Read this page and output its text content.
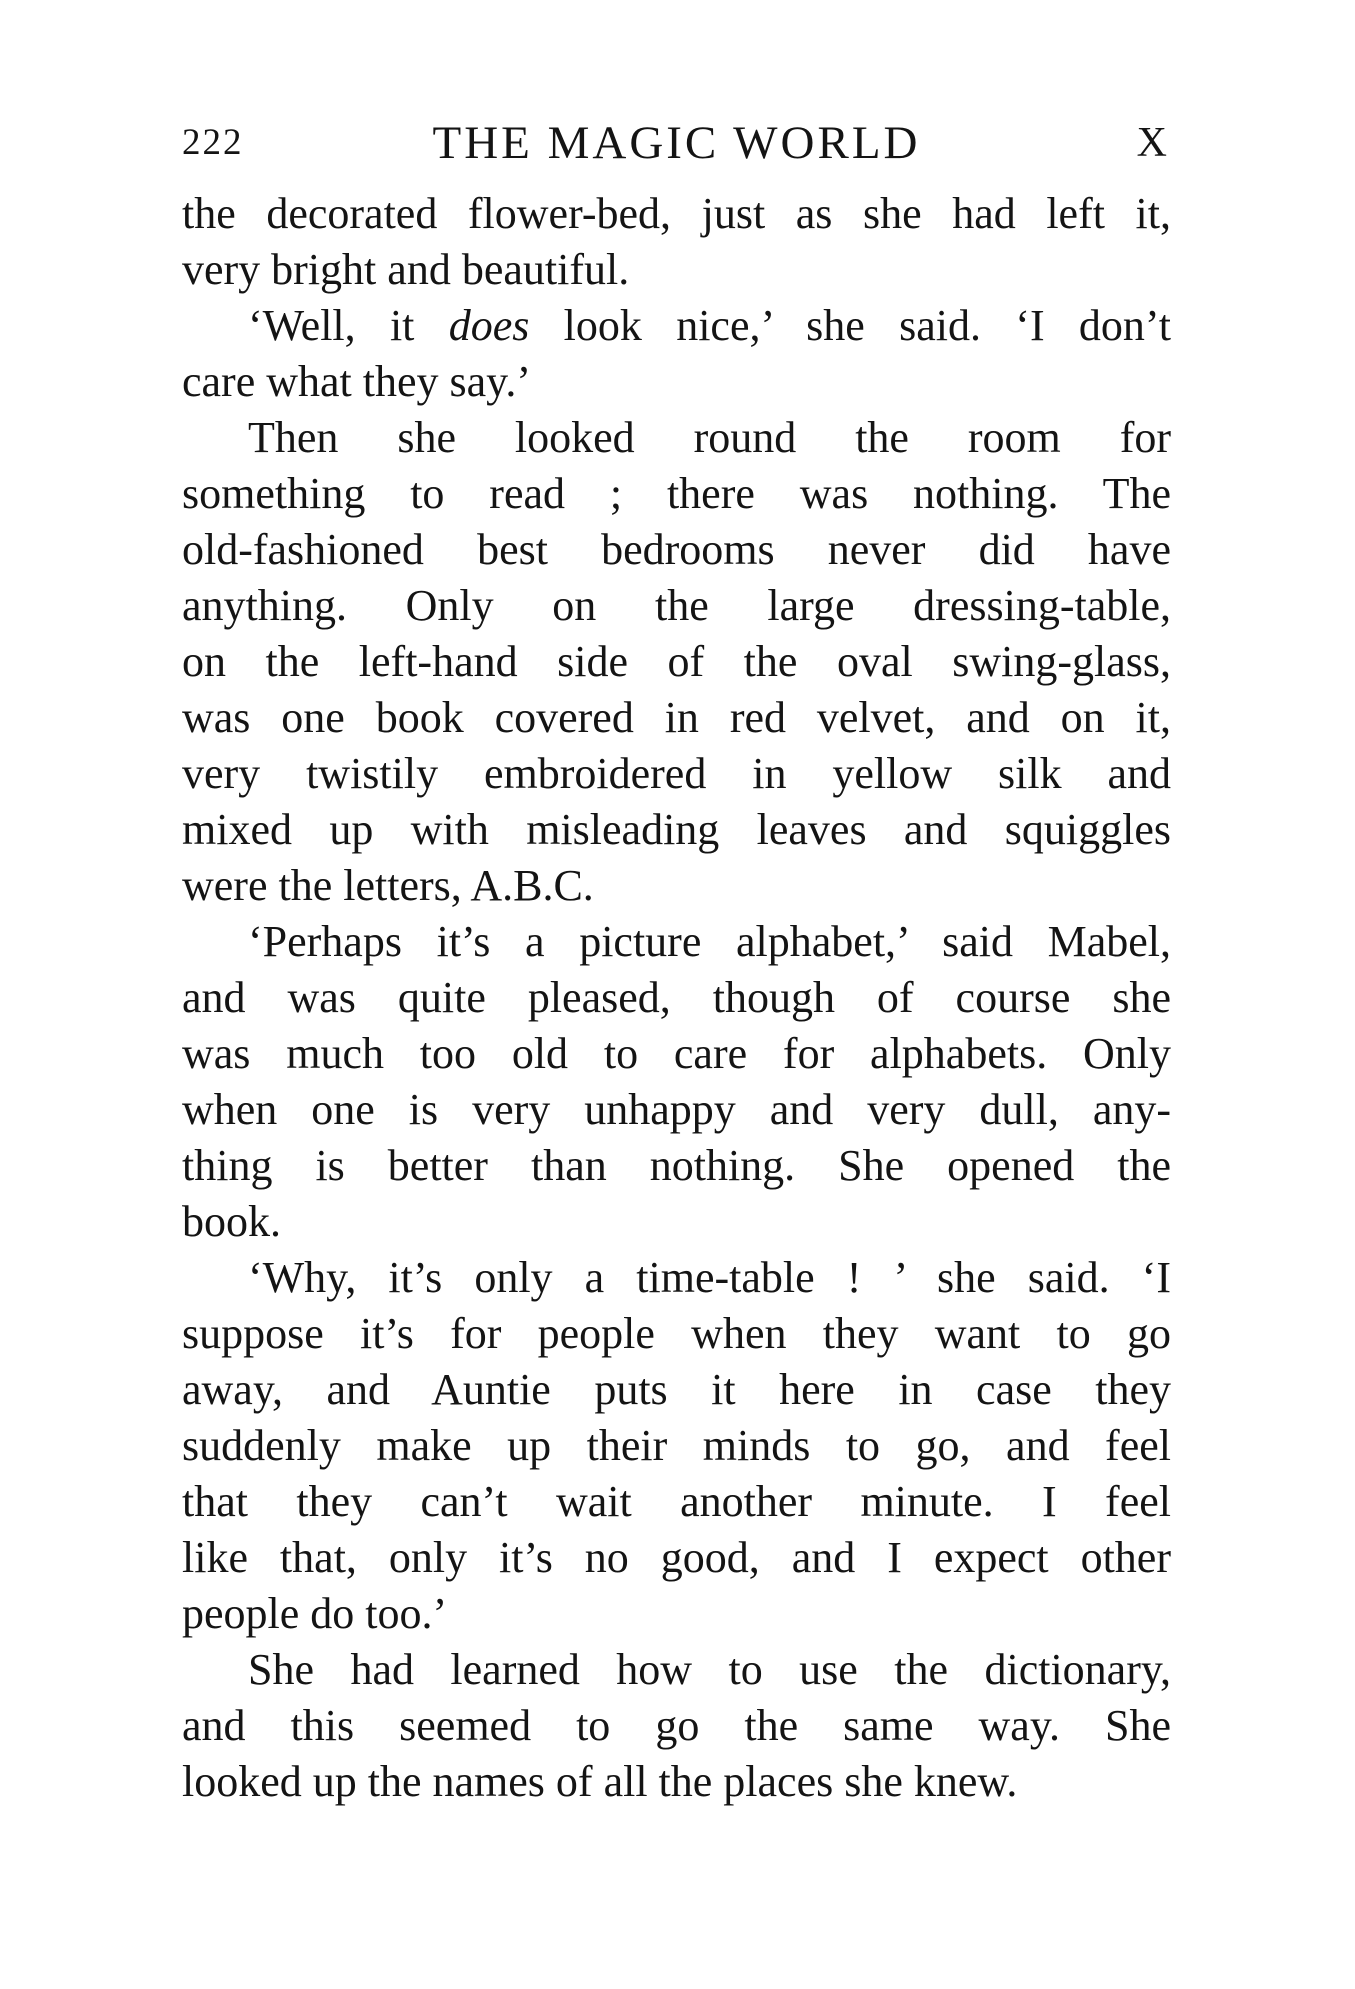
222	THE MAGIC WORLD	X
the decorated flower-bed, just as she had left it,
very bright and beautiful.
‘Well, it does look nice,’ she said. ‘I don’t
care what they say.’
Then she looked round the room for
something to read ; there was nothing. The
old-fashioned best bedrooms never did have
anything. Only on the large dressing-table,
on the left-hand side of the oval swing-glass,
was one book covered in red velvet, and on it,
very twistily embroidered in yellow silk and
mixed up with misleading leaves and squiggles
were the letters, A.B.C.
‘Perhaps it’s a picture alphabet,’ said Mabel,
and was quite pleased, though of course she
was much too old to care for alphabets. Only
when one is very unhappy and very dull, any-
thing is better than nothing. She opened the
book.
‘Why, it’s only a time-table ! ’ she said. ‘I
suppose it’s for people when they want to go
away, and Auntie puts it here in case they
suddenly make up their minds to go, and feel
that they can’t wait another minute. I feel
like that, only it’s no good, and I expect other
people do too.’
She had learned how to use the dictionary,
and this seemed to go the same way. She
looked up the names of all the places she knew.
